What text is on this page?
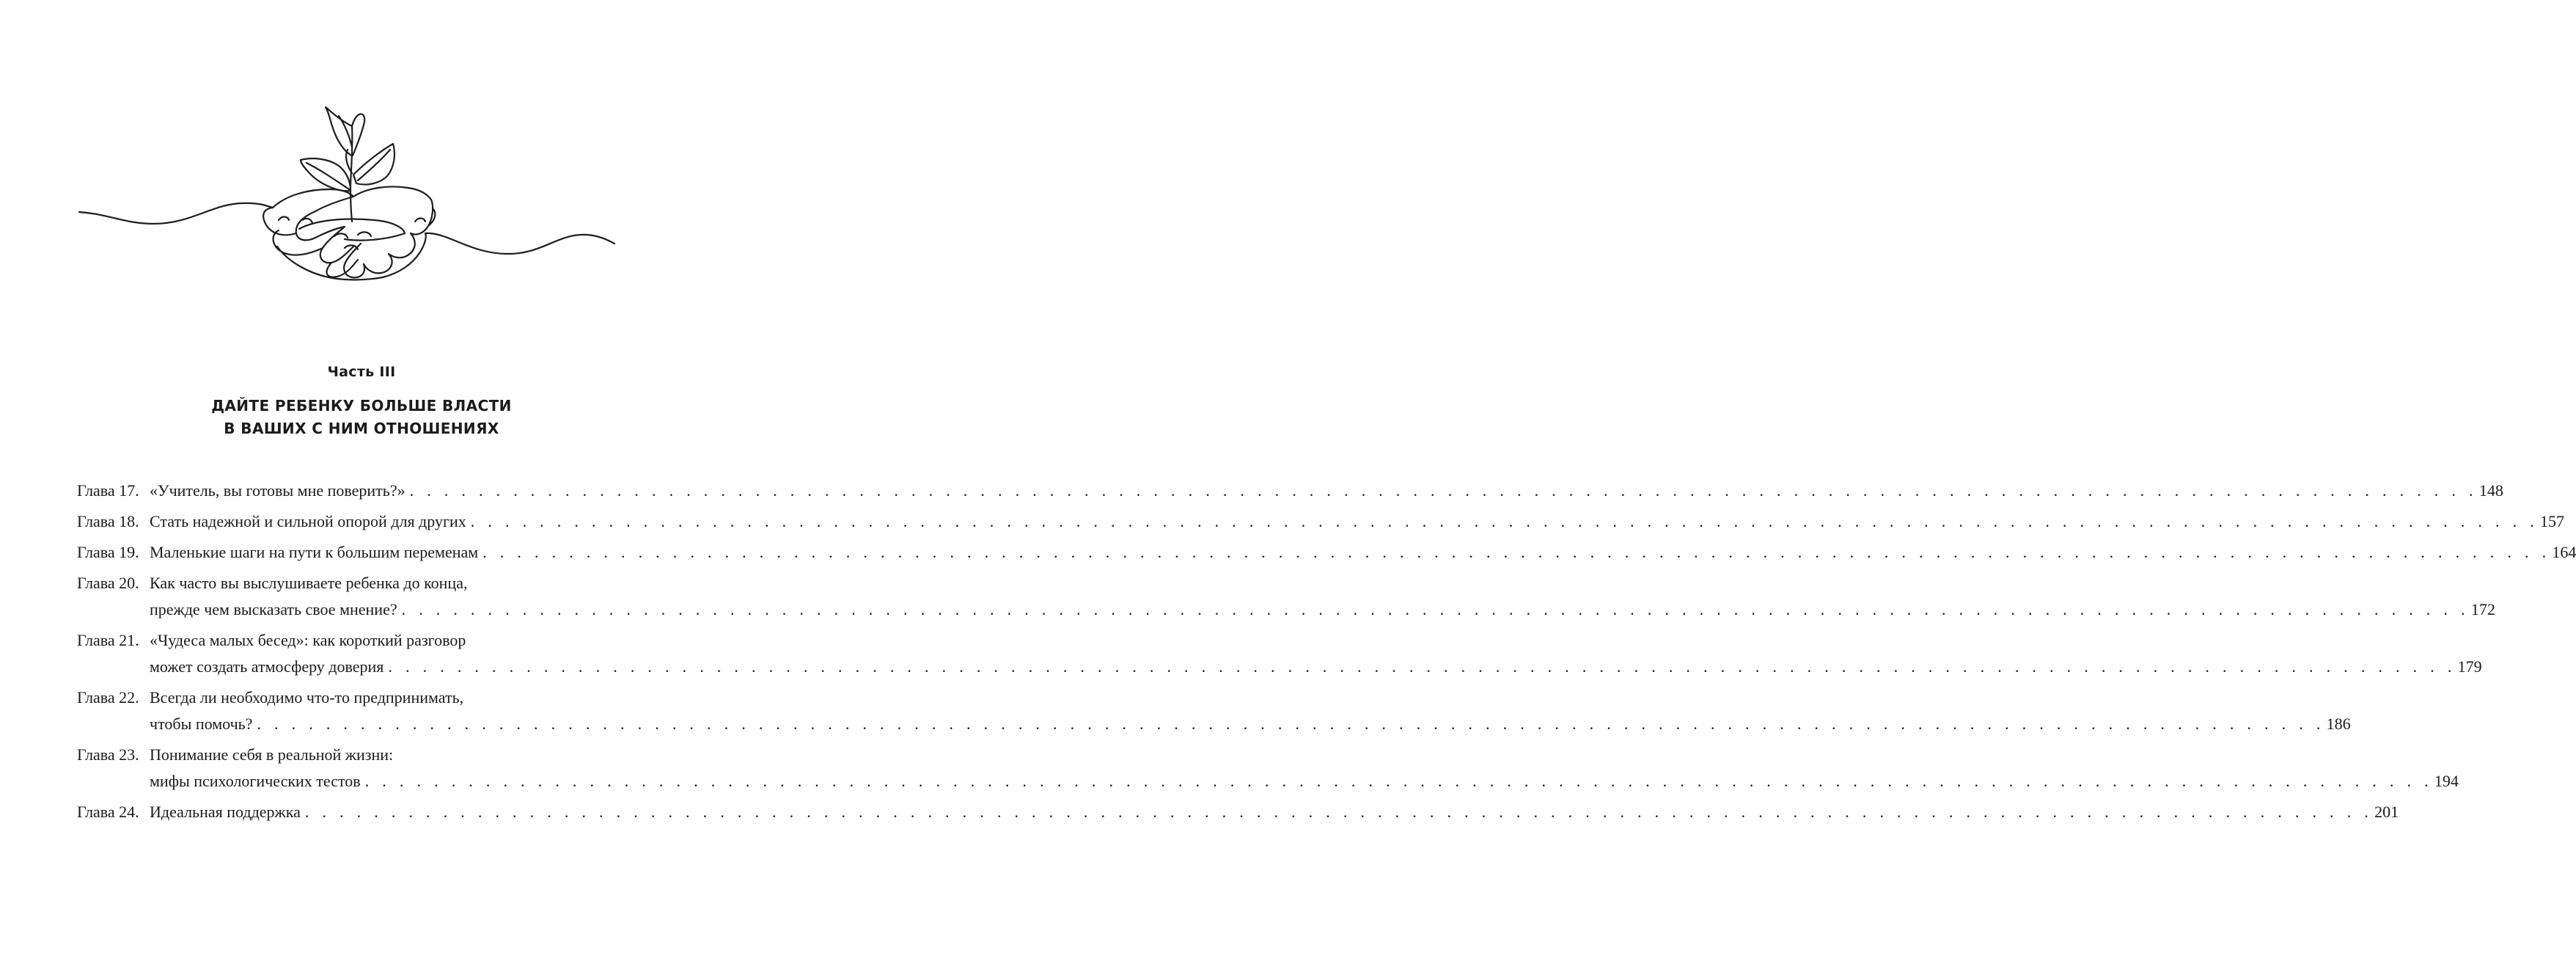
Часть III
ДАЙТЕ РЕБЕНКУ БОЛЬШЕ ВЛАСТИ
В ВАШИХ С НИМ ОТНОШЕНИЯХ
Глава 17. «Учитель, вы готовы мне поверить?» . . . . . . . . . . . . . . . . . . . . . . . . . . . . . . . . . . . . . . . . . . . . . . . . . . . . . . . . . . . . . . . . . . . . . . . . . . . . . . . . . . . . . . . . . . . . . . . . . . . . . . . . . . . . . . . . . . . . . . . . 148
Глава 18. Стать надежной и сильной опорой для других . . . . . . . . . . . . . . . . . . . . . . . . . . . . . . . . . . . . . . . . . . . . . . . . . . . . . . . . . . . . . . . . . . . . . . . . . . . . . . . . . . . . . . . . . . . . . . . . . . . . . . . . . . . . . . . . . . . . . . . . 157
Глава 19. Маленькие шаги на пути к большим переменам . . . . . . . . . . . . . . . . . . . . . . . . . . . . . . . . . . . . . . . . . . . . . . . . . . . . . . . . . . . . . . . . . . . . . . . . . . . . . . . . . . . . . . . . . . . . . . . . . . . . . . . . . . . . . . . . . . . . . . . . 164
Глава 20. Как часто вы выслушиваете ребенка до конца,
прежде чем высказать свое мнение? . . . . . . . . . . . . . . . . . . . . . . . . . . . . . . . . . . . . . . . . . . . . . . . . . . . . . . . . . . . . . . . . . . . . . . . . . . . . . . . . . . . . . . . . . . . . . . . . . . . . . . . . . . . . . . . . . . . . . . . . 172
Глава 21. «Чудеса малых бесед»: как короткий разговор
может создать атмосферу доверия . . . . . . . . . . . . . . . . . . . . . . . . . . . . . . . . . . . . . . . . . . . . . . . . . . . . . . . . . . . . . . . . . . . . . . . . . . . . . . . . . . . . . . . . . . . . . . . . . . . . . . . . . . . . . . . . . . . . . . . . 179
Глава 22. Всегда ли необходимо что-то предпринимать,
чтобы помочь? . . . . . . . . . . . . . . . . . . . . . . . . . . . . . . . . . . . . . . . . . . . . . . . . . . . . . . . . . . . . . . . . . . . . . . . . . . . . . . . . . . . . . . . . . . . . . . . . . . . . . . . . . . . . . . . . . . . . . . . . 186
Глава 23. Понимание себя в реальной жизни:
мифы психологических тестов . . . . . . . . . . . . . . . . . . . . . . . . . . . . . . . . . . . . . . . . . . . . . . . . . . . . . . . . . . . . . . . . . . . . . . . . . . . . . . . . . . . . . . . . . . . . . . . . . . . . . . . . . . . . . . . . . . . . . . . . 194
Глава 24. Идеальная поддержка . . . . . . . . . . . . . . . . . . . . . . . . . . . . . . . . . . . . . . . . . . . . . . . . . . . . . . . . . . . . . . . . . . . . . . . . . . . . . . . . . . . . . . . . . . . . . . . . . . . . . . . . . . . . . . . . . . . . . . . . 201
